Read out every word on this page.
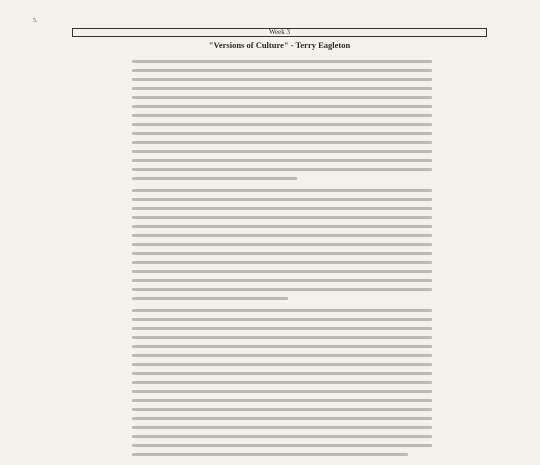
5.
Week 3
"Versions of Culture" - Terry Eagleton
